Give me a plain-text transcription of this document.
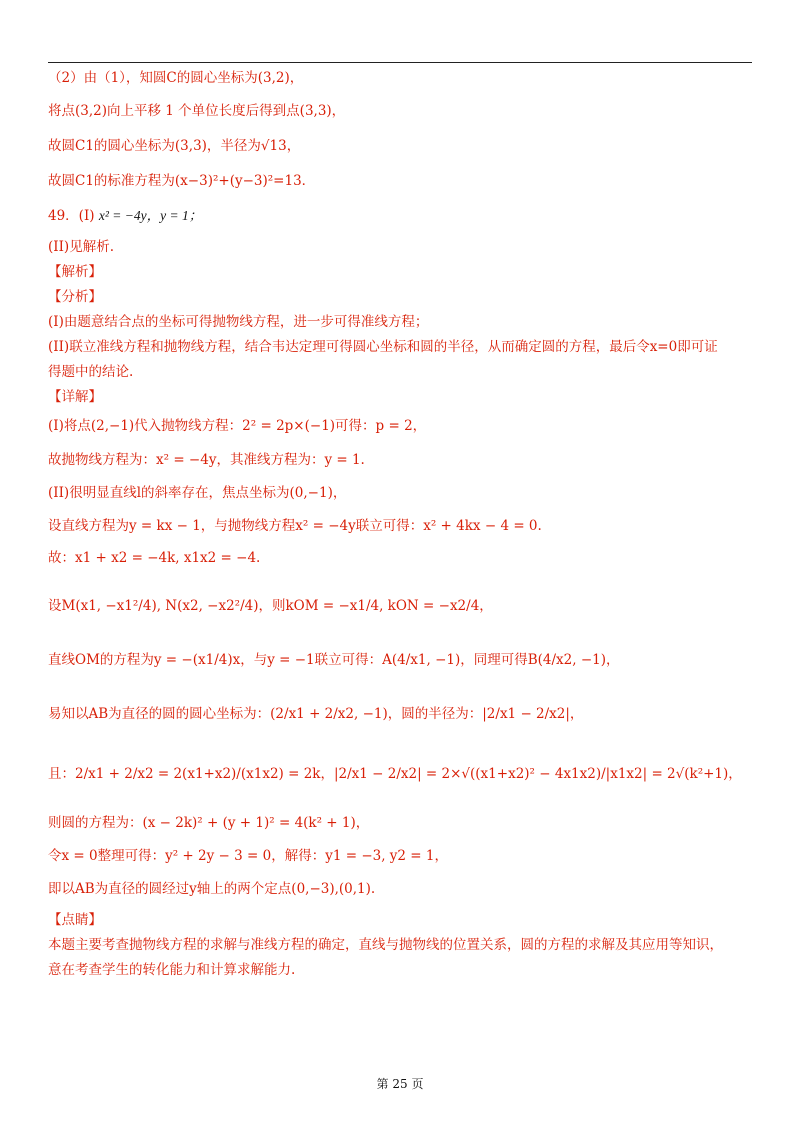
（2）由（1），知圆C的圆心坐标为(3,2)，
将点(3,2)向上平移 1 个单位长度后得到点(3,3)，
故圆C1的圆心坐标为(3,3)，半径为√13，
故圆C1的标准方程为(x−3)²+(y−3)²=13．
49．(I) x² = −4y，y = 1；
(II)见解析.
【解析】
【分析】
(I)由题意结合点的坐标可得抛物线方程，进一步可得准线方程；
(II)联立准线方程和抛物线方程，结合韦达定理可得圆心坐标和圆的半径，从而确定圆的方程，最后令x=0即可证
得题中的结论.
【详解】
(I)将点(2,−1)代入抛物线方程：2² = 2p×(−1)可得：p = 2，
故抛物线方程为：x² = −4y，其准线方程为：y = 1.
(II)很明显直线l的斜率存在，焦点坐标为(0,−1)，
设直线方程为y = kx − 1，与抛物线方程x² = −4y联立可得：x² + 4kx − 4 = 0.
故：x1 + x2 = −4k, x1x2 = −4.
设M(x1, −x1²/4), N(x2, −x2²/4)，则kOM = −x1/4, kON = −x2/4，
直线OM的方程为y = −(x1/4)x，与y = −1联立可得：A(4/x1, −1)，同理可得B(4/x2, −1)，
易知以AB为直径的圆的圆心坐标为：(2/x1 + 2/x2, −1)，圆的半径为：|2/x1 − 2/x2|，
且：2/x1 + 2/x2 = 2(x1+x2)/(x1x2) = 2k，|2/x1 − 2/x2| = 2×√((x1+x2)² − 4x1x2)/|x1x2| = 2√(k²+1)，
则圆的方程为：(x − 2k)² + (y + 1)² = 4(k² + 1)，
令x = 0整理可得：y² + 2y − 3 = 0，解得：y1 = −3, y2 = 1，
即以AB为直径的圆经过y轴上的两个定点(0,−3),(0,1).
【点睛】
本题主要考查抛物线方程的求解与准线方程的确定，直线与抛物线的位置关系，圆的方程的求解及其应用等知识，
意在考查学生的转化能力和计算求解能力.
第 25 页
